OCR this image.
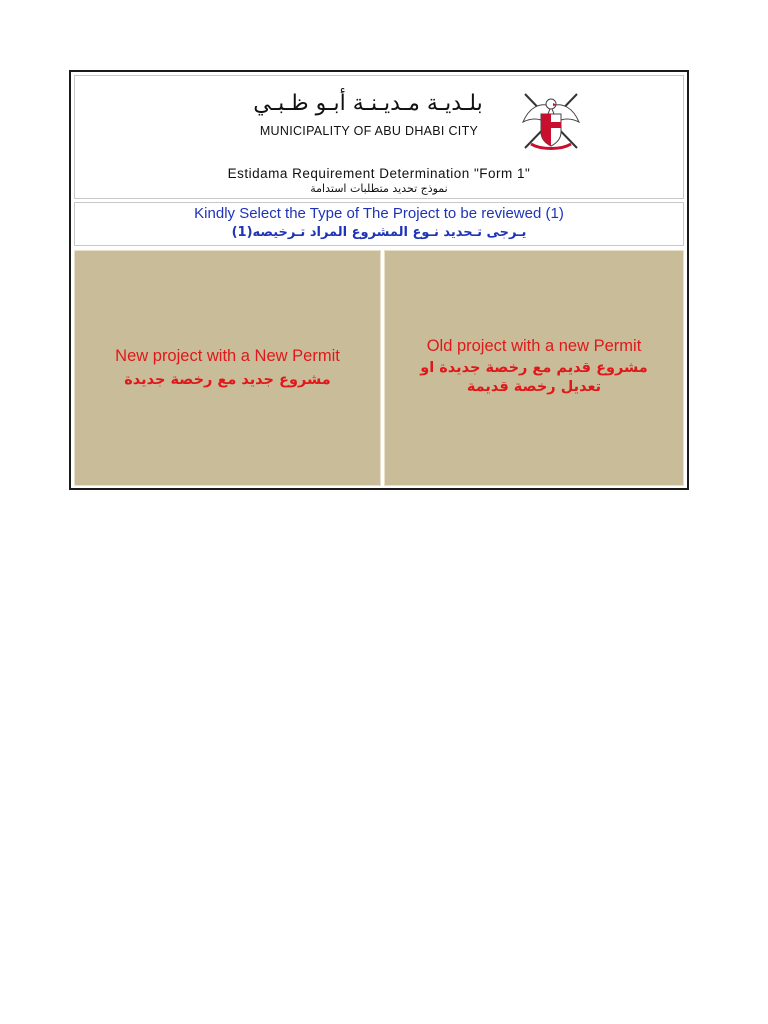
بلـديـة مـديـنـة أبـو ظـبـي
MUNICIPALITY OF ABU DHABI CITY
Estidama Requirement Determination "Form 1"
نموذج تحديد متطلبات استدامة
Kindly Select the Type of The Project to be reviewed (1)
يـرجى تـحديد نـوع المشروع المراد تـرخيصه(1)
New project with a New Permit
مشروع جديد مع رخصة جديدة
Old project with a new Permit
مشروع قديم مع رخصة جديدة او تعديل رخصة قديمة
